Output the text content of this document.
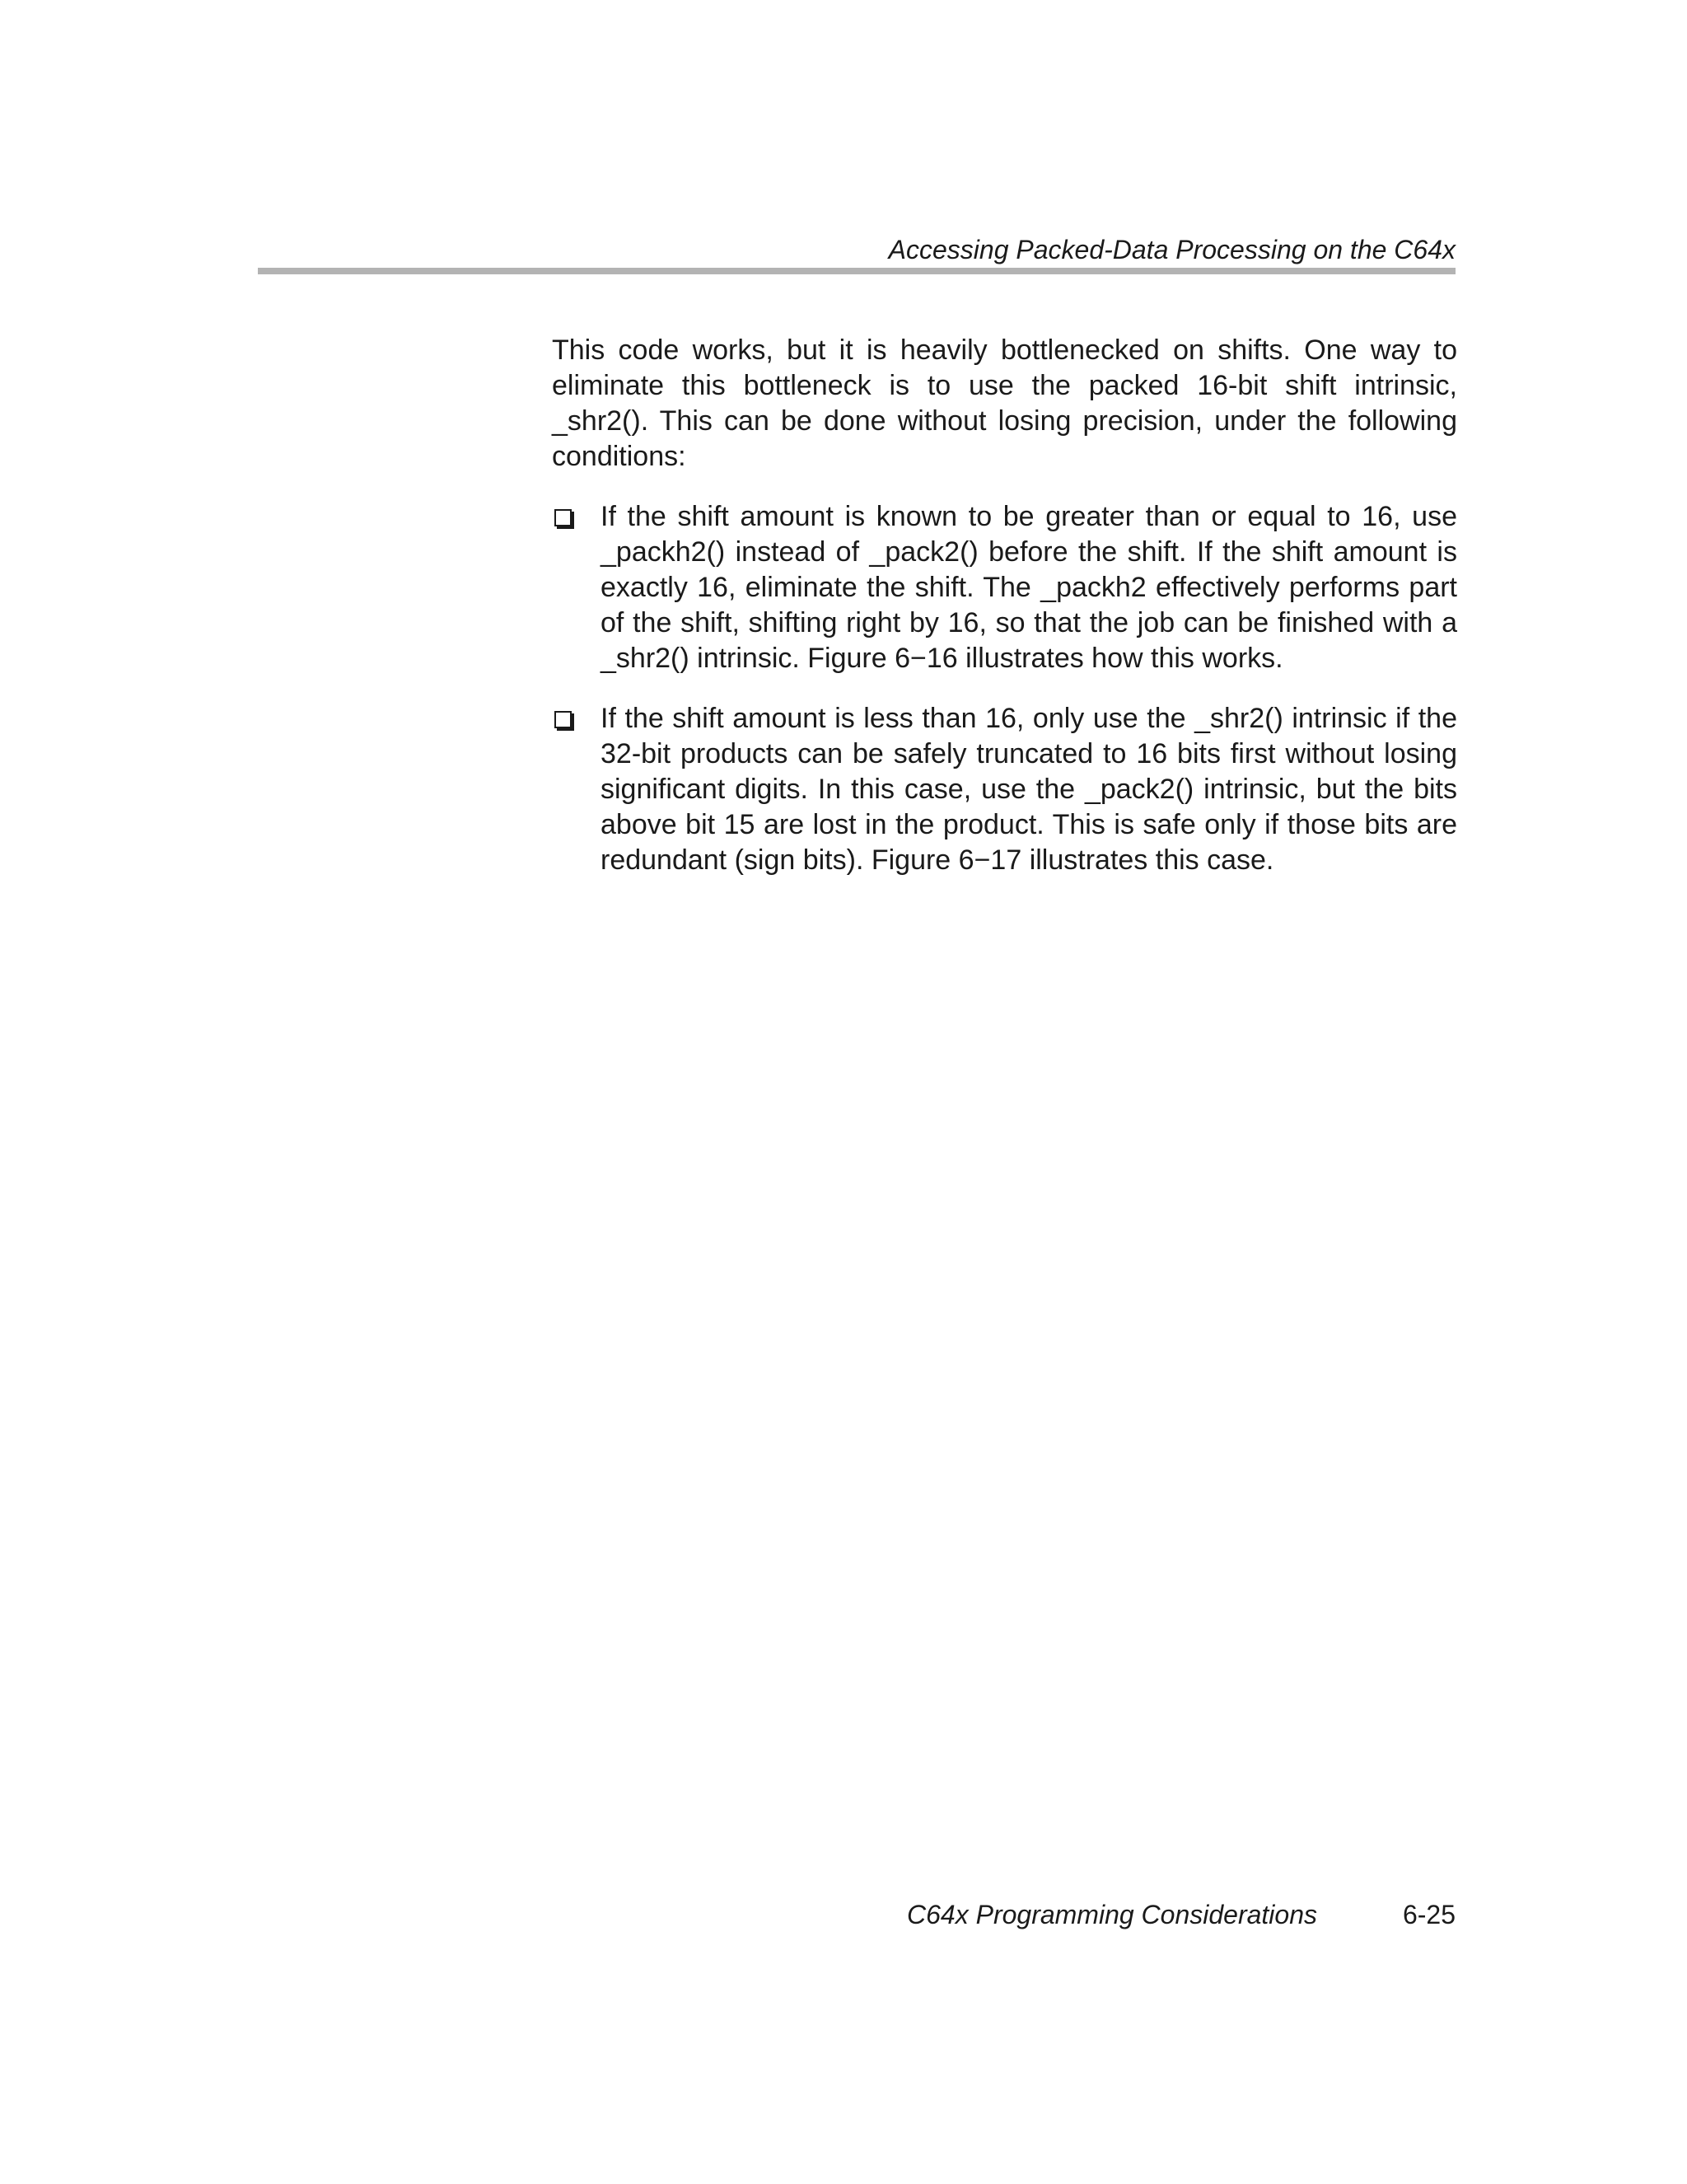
Accessing Packed-Data Processing on the C64x

This code works, but it is heavily bottlenecked on shifts. One way to eliminate this bottleneck is to use the packed 16-bit shift intrinsic, _shr2(). This can be done without losing precision, under the following conditions:

If the shift amount is known to be greater than or equal to 16, use _packh2() instead of _pack2() before the shift. If the shift amount is exactly 16, eliminate the shift. The _packh2 effectively performs part of the shift, shifting right by 16, so that the job can be finished with a _shr2() intrinsic. Figure 6−16 illustrates how this works.
If the shift amount is less than 16, only use the _shr2() intrinsic if the 32-bit products can be safely truncated to 16 bits first without losing significant digits. In this case, use the _pack2() intrinsic, but the bits above bit 15 are lost in the product. This is safe only if those bits are redundant (sign bits). Figure 6−17 illustrates this case.
C64x Programming Considerations	6-25
